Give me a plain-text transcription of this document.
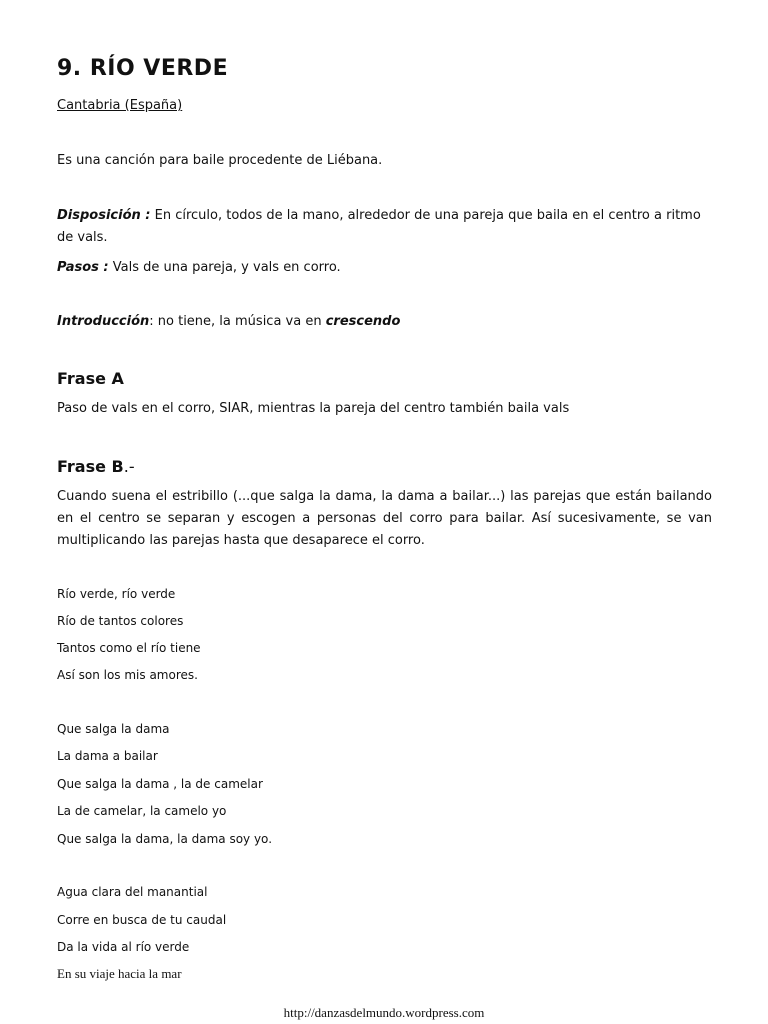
9. RÍO VERDE
Cantabria (España)

Es una canción para baile procedente de Liébana.

Disposición : En círculo, todos de la mano, alrededor de una pareja que baila en el centro a ritmo de vals.

Pasos : Vals de una pareja, y vals en corro.

Introducción: no tiene, la música va en crescendo

Frase A

Paso de vals en el corro, SIAR, mientras la pareja del centro también baila vals

Frase B.-

Cuando suena el estribillo (...que salga la dama, la dama a bailar...) las parejas que están bailando en el centro se separan y escogen a personas del corro para bailar. Así sucesivamente, se van multiplicando las parejas hasta que desaparece el corro.

Río verde, río verde

Río de tantos colores

Tantos como el río tiene

Así son los mis amores.

Que salga la dama

La dama a bailar

Que salga la dama , la de camelar

La de camelar, la camelo yo

Que salga la dama, la dama soy yo.

Agua clara del manantial

Corre en busca de tu caudal

Da la vida al río verde

En su viaje hacia la mar

http://danzasdelmundo.wordpress.com
